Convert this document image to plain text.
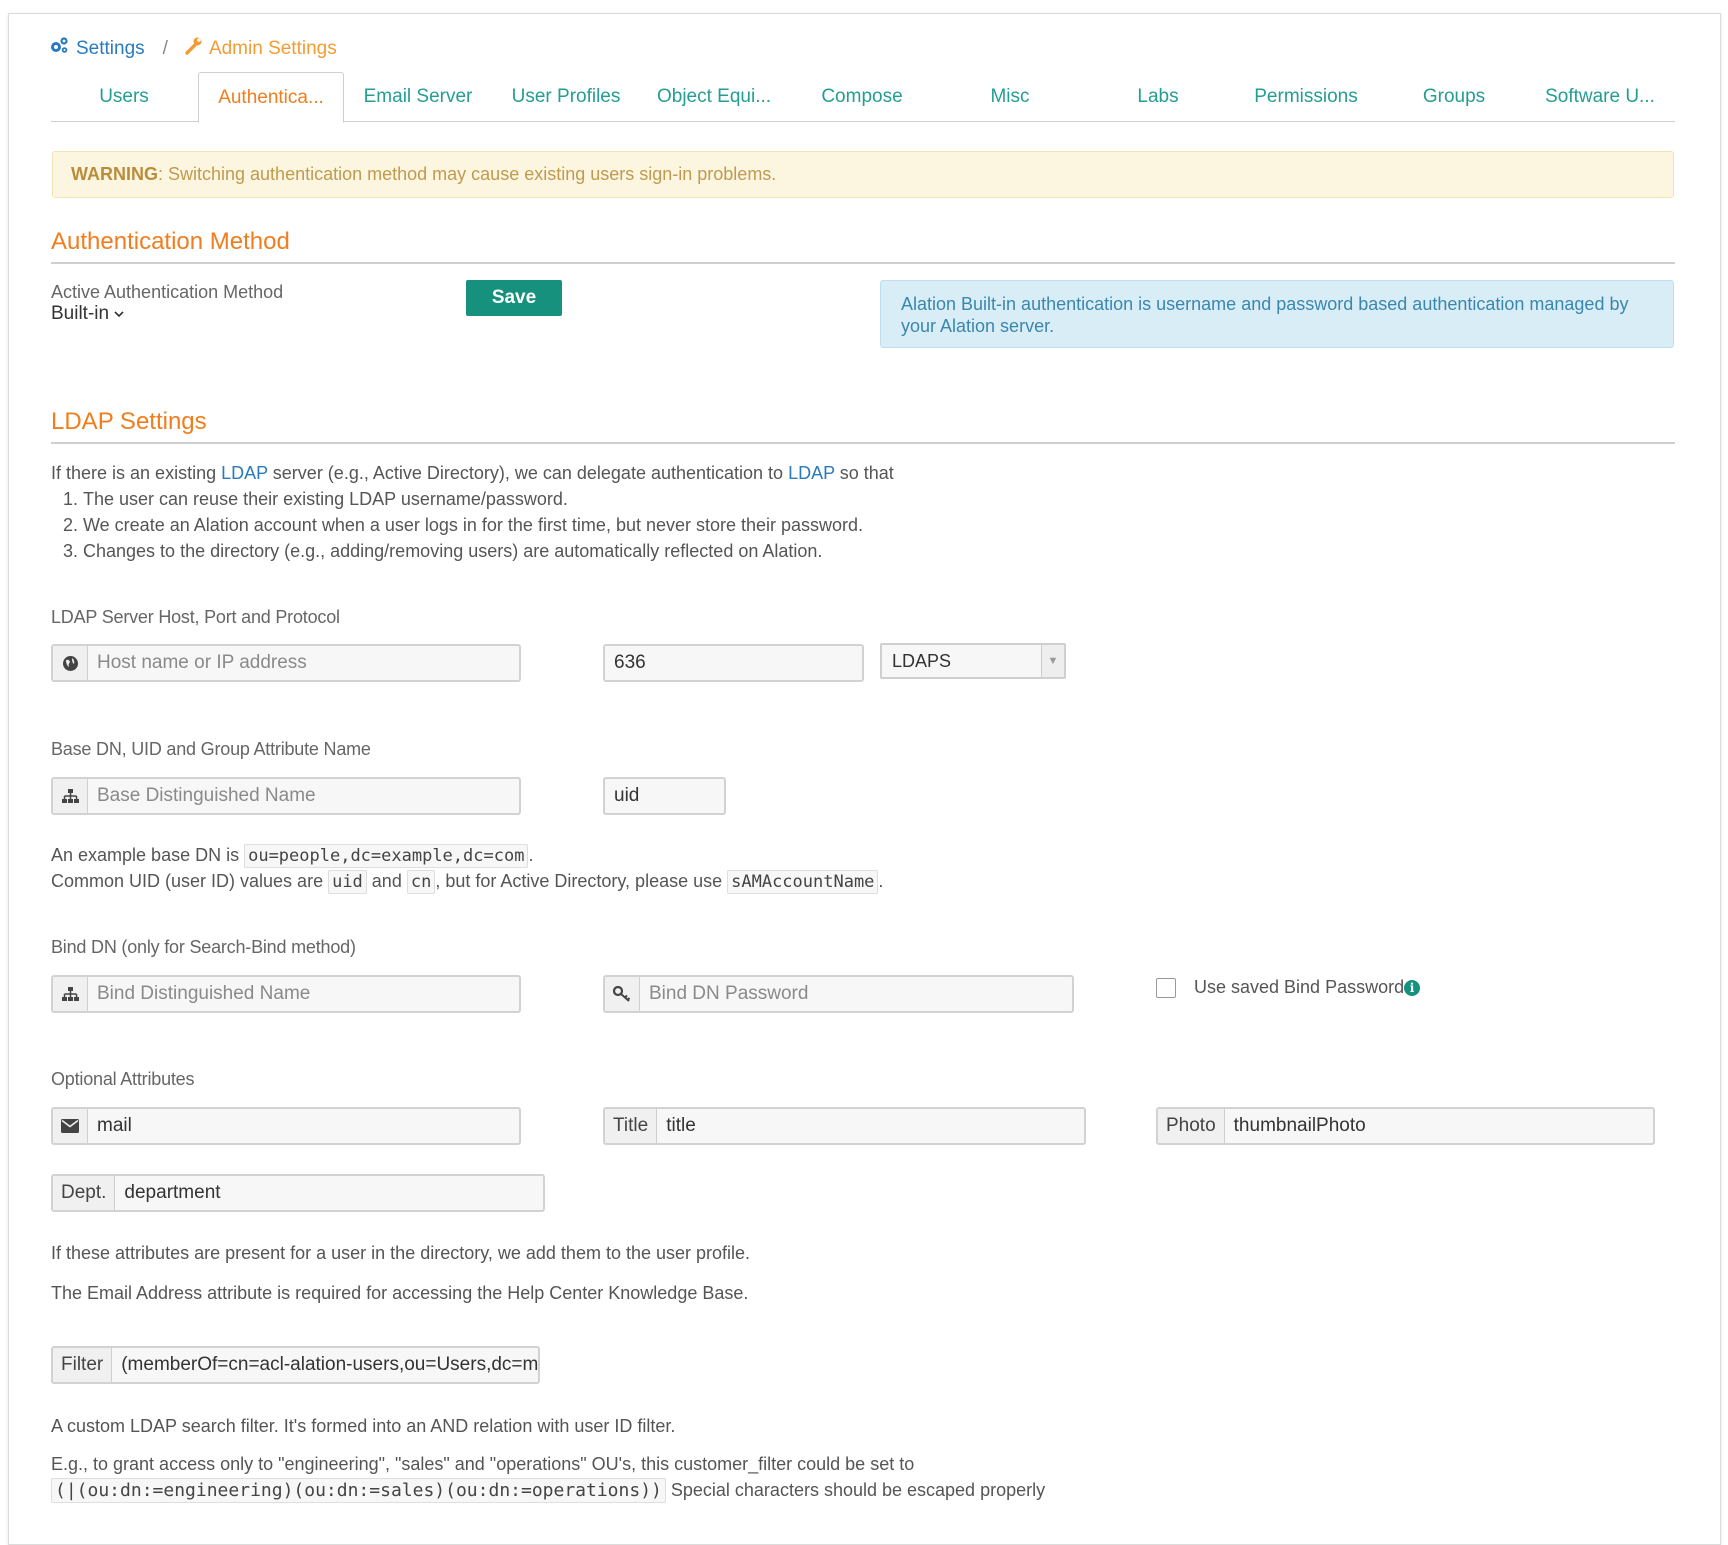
Settings / Admin Settings
Users	Authentica...	Email Server	User Profiles	Object Equi...	Compose	Misc	Labs	Permissions	Groups	Software U...
WARNING: Switching authentication method may cause existing users sign-in problems.
Authentication Method
Active Authentication Method
Built-in
Save	Alation Built-in authentication is username and password based authentication managed by your Alation server.
LDAP Settings
If there is an existing LDAP server (e.g., Active Directory), we can delegate authentication to LDAP so that
1. The user can reuse their existing LDAP username/password.
2. We create an Alation account when a user logs in for the first time, but never store their password.
3. Changes to the directory (e.g., adding/removing users) are automatically reflected on Alation.
LDAP Server Host, Port and Protocol
Host name or IP address	636	LDAPS	▼
Base DN, UID and Group Attribute Name
Base Distinguished Name	uid
An example base DN is ou=people,dc=example,dc=com .
Common UID (user ID) values are uid and cn , but for Active Directory, please use sAMAccountName .
Bind DN (only for Search-Bind method)
Bind Distinguished Name	Bind DN Password	Use saved Bind Password i
Optional Attributes
mail	Title title	Photo thumbnailPhoto
Dept. department
If these attributes are present for a user in the directory, we add them to the user profile.
The Email Address attribute is required for accessing the Help Center Knowledge Base.
Filter (memberOf=cn=acl-alation-users,ou=Users,dc=m
A custom LDAP search filter. It's formed into an AND relation with user ID filter.
E.g., to grant access only to "engineering", "sales" and "operations" OU's, this customer_filter could be set to
(|(ou:dn:=engineering)(ou:dn:=sales)(ou:dn:=operations)) Special characters should be escaped properly
